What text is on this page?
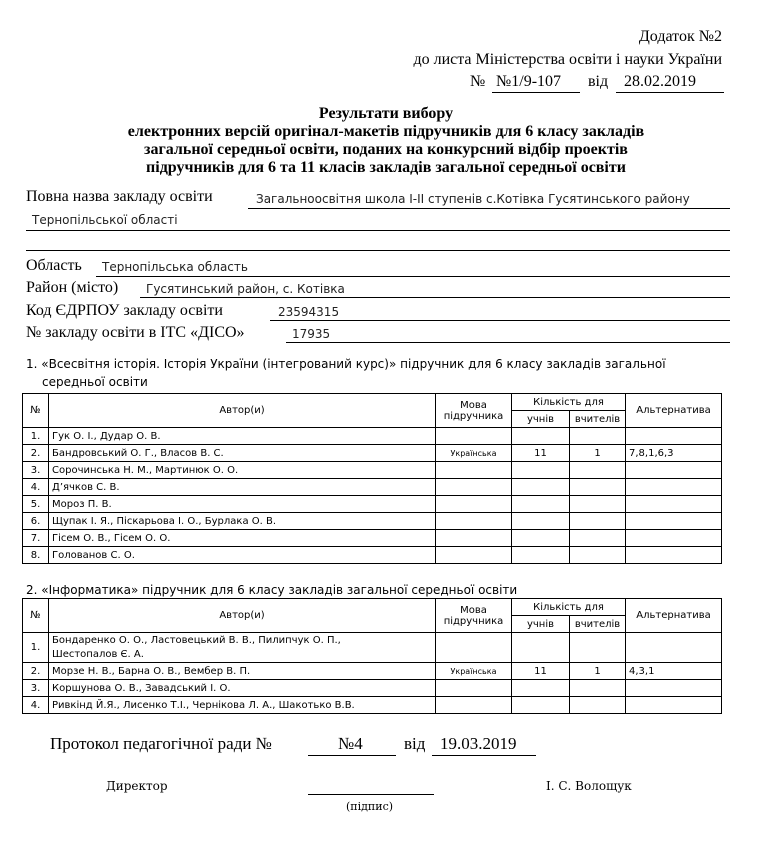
Додаток №2
до листа Міністерства освіти і науки України
№ №1/9-107 від 28.02.2019
Результати вибору
електронних версій оригінал-макетів підручників для 6 класу закладів
загальної середньої освіти, поданих на конкурсний відбір проектів
підручників для 6 та 11 класів закладів загальної середньої освіти
Повна назва закладу освіти	Загальноосвітня школа І-ІІ ступенів с.Котівка Гусятинського району
Тернопільської області
Область Тернопільська область
Район (місто) Гусятинський район, с. Котівка
Код ЄДРПОУ закладу освіти	23594315
№ закладу освіти в ІТС «ДІСО»	17935
1. «Всесвітня історія. Історія України (інтегрований курс)» підручник для 6 класу закладів загальної
середньої освіти
№	Автор(и)	Мова підручника	Кількість для		Альтернатива
			учнів	вчителів	
1.	Гук О. І., Дудар О. В.				
2.	Бандровський О. Г., Власов В. С.	Українська	11	1	7,8,1,6,3
3.	Сорочинська Н. М., Мартинюк О. О.				
4.	Д’ячков С. В.				
5.	Мороз П. В.				
6.	Щупак І. Я., Піскарьова І. О., Бурлака О. В.				
7.	Гісем О. В., Гісем О. О.				
8.	Голованов С. О.				
2. «Інформатика» підручник для 6 класу закладів загальної середньої освіти
№	Автор(и)	Мова підручника	Кількість для		Альтернатива
			учнів	вчителів	
1.	Бондаренко О. О., Ластовецький В. В., Пилипчук О. П.,
Шестопалов Є. А.				

2.	Морзе Н. В., Барна О. В., Вембер В. П.	Українська	11	1	4,3,1
3.	Коршунова О. В., Завадський І. О.				
4.	Ривкінд Й.Я., Лисенко Т.І., Чернікова Л. А., Шакотько В.В.				
Протокол педагогічної ради №	№4 від 19.03.2019
Директор
(підпис)
І. С. Волощук
